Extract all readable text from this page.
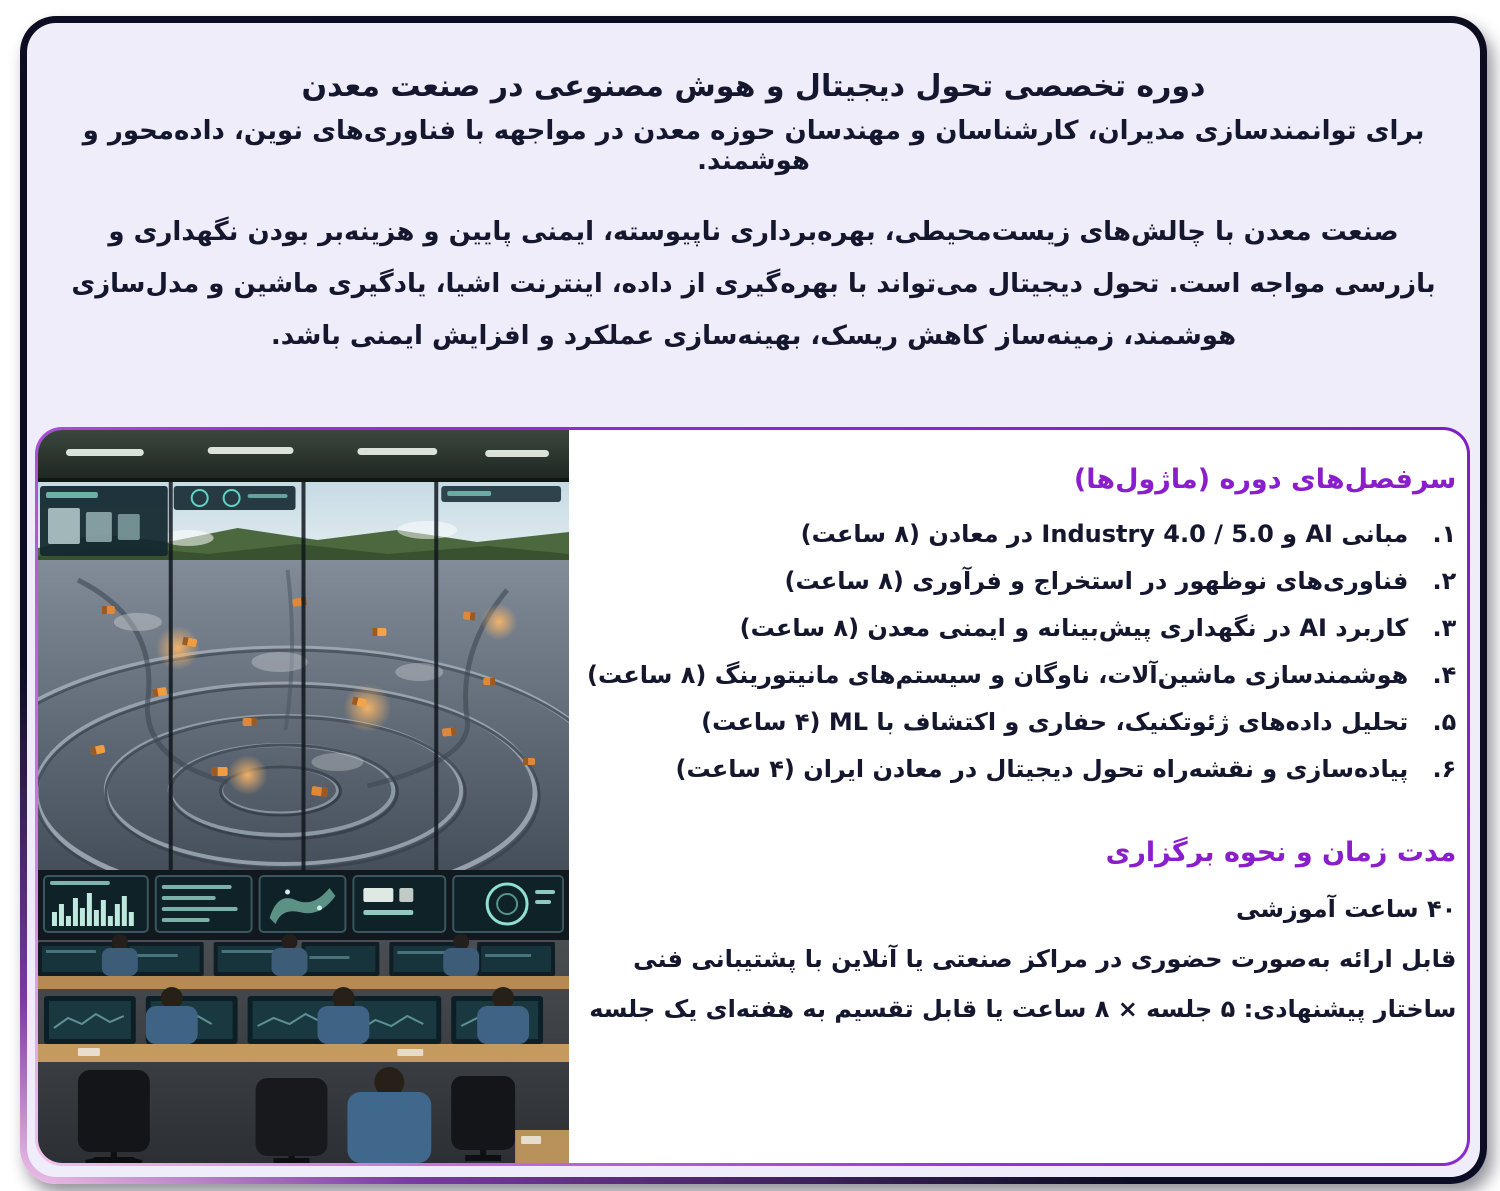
دوره تخصصی تحول دیجیتال و هوش مصنوعی در صنعت معدن
برای توانمندسازی مدیران، کارشناسان و مهندسان حوزه معدن در مواجهه با فناوری‌های نوین، داده‌محور و هوشمند.
صنعت معدن با چالش‌های زیست‌محیطی، بهره‌برداری ناپیوسته، ایمنی پایین و هزینه‌بر بودن نگهداری و بازرسی مواجه است. تحول دیجیتال می‌تواند با بهره‌گیری از داده، اینترنت اشیا، یادگیری ماشین و مدل‌سازی هوشمند، زمینه‌ساز کاهش ریسک، بهینه‌سازی عملکرد و افزایش ایمنی باشد.
سرفصل‌های دوره (ماژول‌ها)
۱.
مبانی AI و Industry 4.0 / 5.0 در معادن (۸ ساعت)
۲.
فناوری‌های نوظهور در استخراج و فرآوری (۸ ساعت)
۳.
کاربرد AI در نگهداری پیش‌بینانه و ایمنی معدن (۸ ساعت)
۴.
هوشمندسازی ماشین‌آلات، ناوگان و سیستم‌های مانیتورینگ (۸ ساعت)
۵.
تحلیل داده‌های ژئوتکنیک، حفاری و اکتشاف با ML (۴ ساعت)
۶.
پیاده‌سازی و نقشه‌راه تحول دیجیتال در معادن ایران (۴ ساعت)
مدت زمان و نحوه برگزاری
۴۰ ساعت آموزشی
قابل ارائه به‌صورت حضوری در مراکز صنعتی یا آنلاین با پشتیبانی فنی
ساختار پیشنهادی: ۵ جلسه × ۸ ساعت یا قابل تقسیم به هفته‌ای یک جلسه
